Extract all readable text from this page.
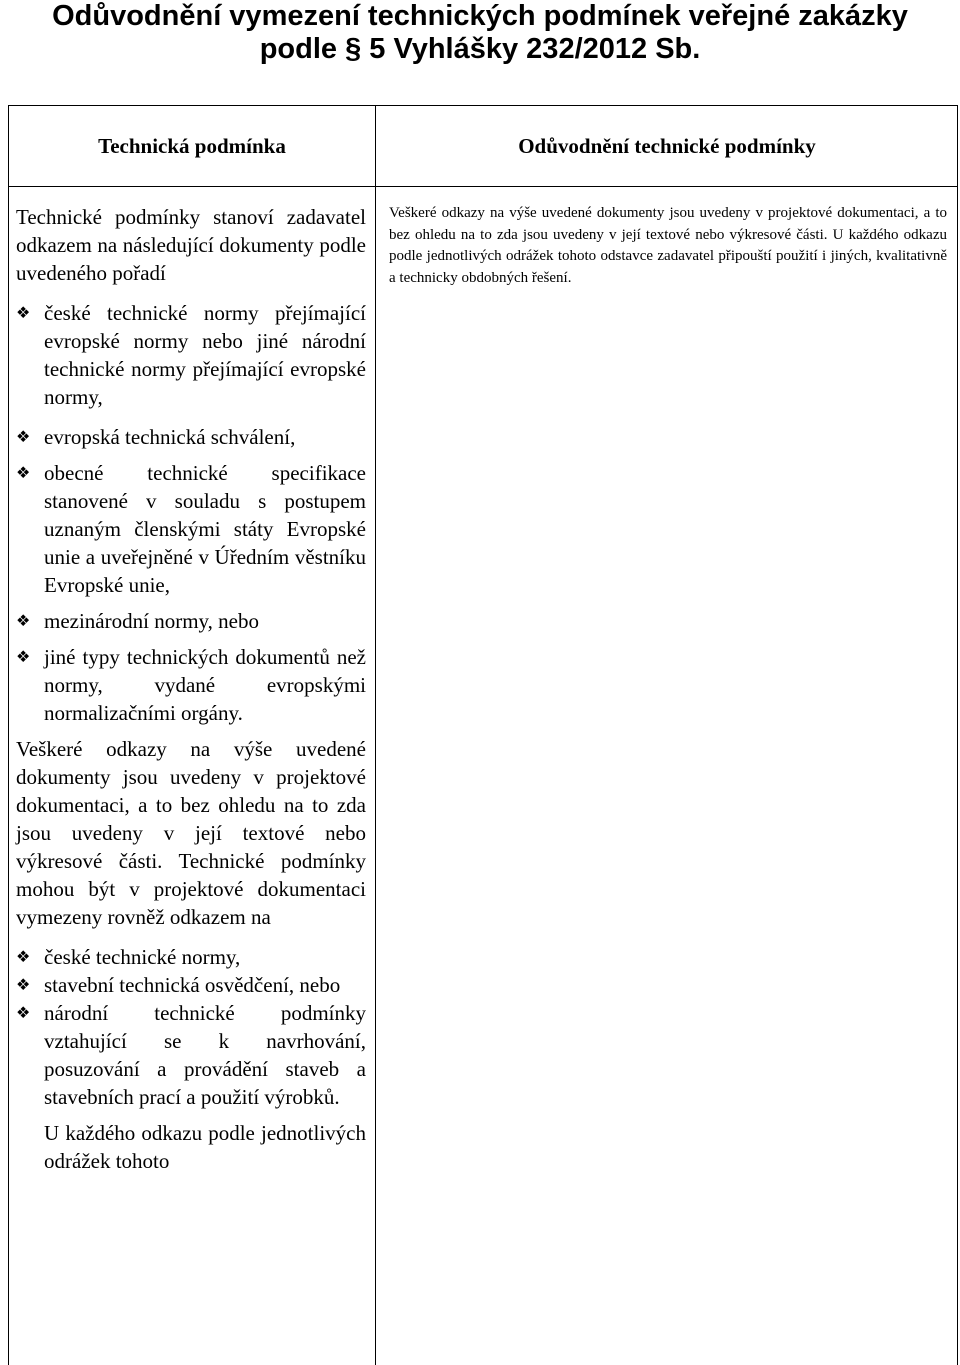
Odůvodnění vymezení technických podmínek veřejné zakázky
podle § 5 Vyhlášky 232/2012 Sb.
Technická podmínka	Odůvodnění technické podmínky

Technické podmínky stanoví zadavatel odkazem na následující dokumenty podle uvedeného pořadí

❖ české technické normy přejímající evropské normy nebo jiné národní technické normy přejímající evropské normy,

❖ evropská technická schválení,

❖ obecné technické specifikace stanovené v souladu s postupem uznaným členskými státy Evropské unie a uveřejněné v Úředním věstníku Evropské unie,

❖ mezinárodní normy, nebo

❖ jiné typy technických dokumentů než normy, vydané evropskými normalizačními orgány.

Veškeré odkazy na výše uvedené dokumenty jsou uvedeny v projektové dokumentaci, a to bez ohledu na to zda jsou uvedeny v její textové nebo výkresové části. Technické podmínky mohou být v projektové dokumentaci vymezeny rovněž odkazem na

❖ české technické normy,

❖ stavební technická osvědčení, nebo

❖ národní technické podmínky vztahující se k navrhování, posuzování a provádění staveb a stavebních prací a použití výrobků.

U každého odkazu podle jednotlivých odrážek tohoto

Veškeré odkazy na výše uvedené dokumenty jsou uvedeny v projektové dokumentaci, a to bez ohledu na to zda jsou uvedeny v její textové nebo výkresové části. U každého odkazu podle jednotlivých odrážek tohoto odstavce zadavatel připouští použití i jiných, kvalitativně a technicky obdobných řešení.
